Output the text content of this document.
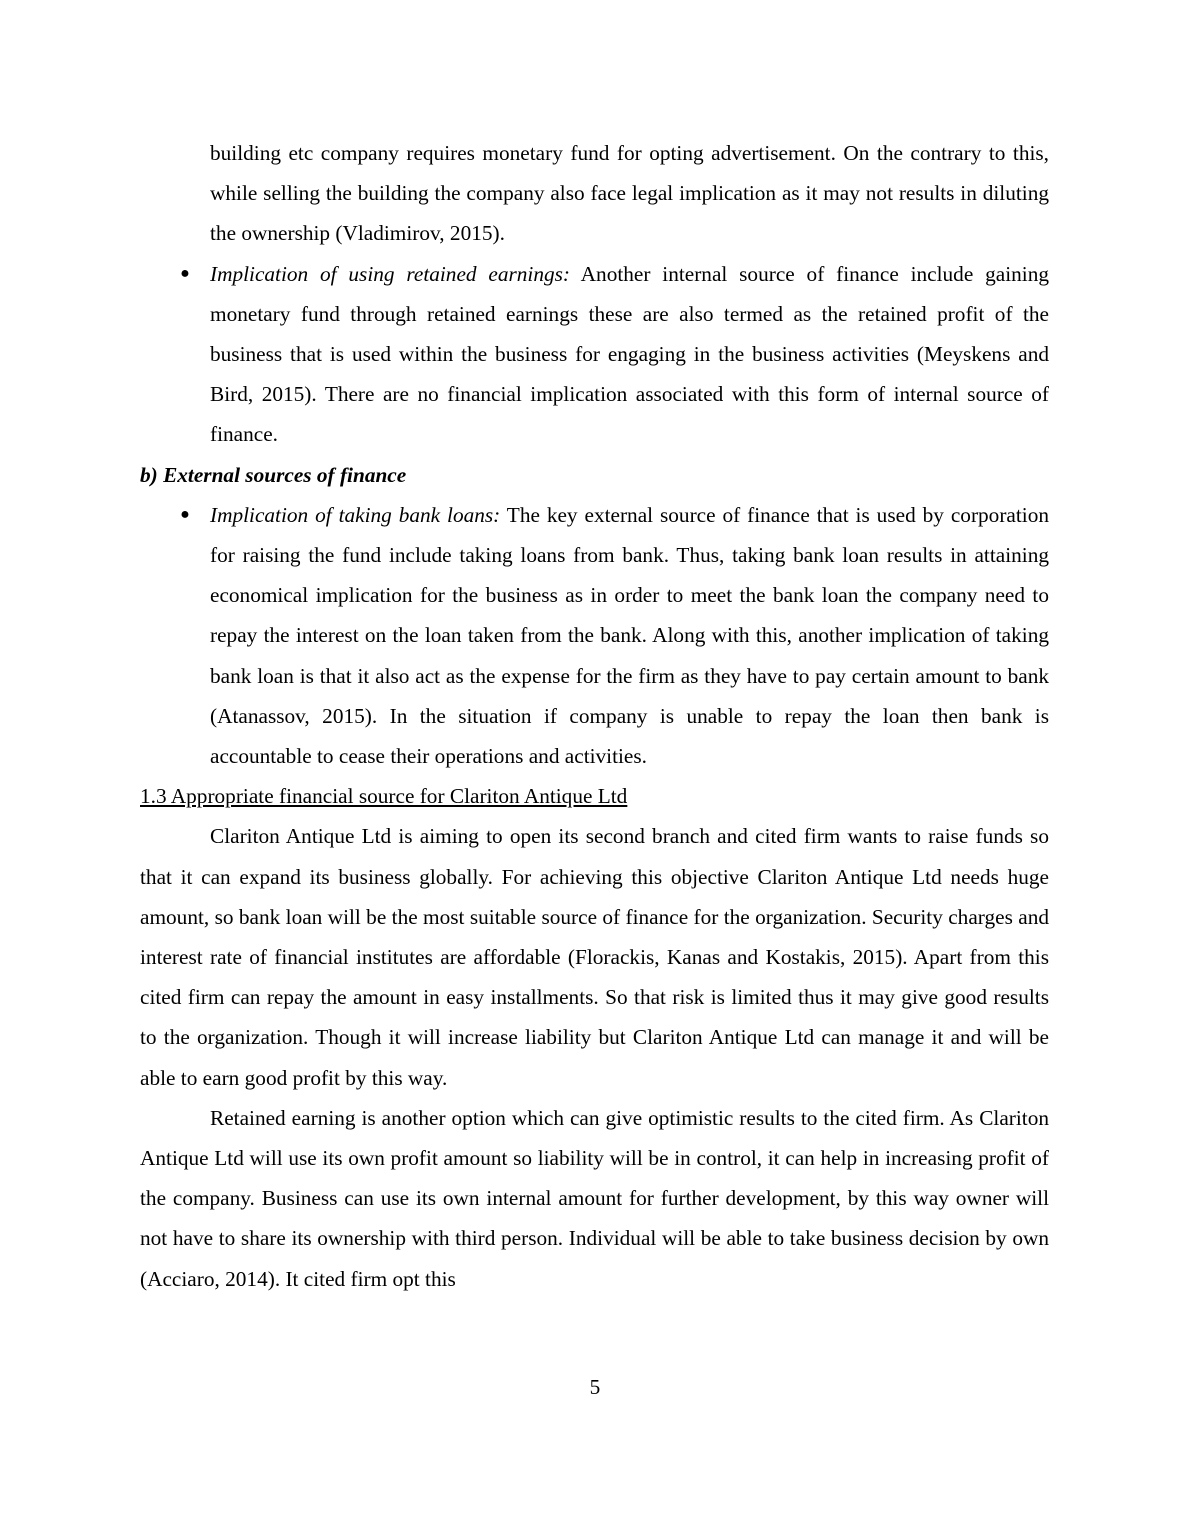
building etc company requires monetary fund for opting advertisement. On the contrary to this, while selling the building the company also face legal implication as it may not results in diluting the ownership (Vladimirov, 2015).

●
Implication of using retained earnings: Another internal source of finance include gaining monetary fund through retained earnings these are also termed as the retained profit of the business that is used within the business for engaging in the business activities (Meyskens and Bird, 2015). There are no financial implication associated with this form of internal source of finance.

b) External sources of finance

●
Implication of taking bank loans: The key external source of finance that is used by corporation for raising the fund include taking loans from bank. Thus, taking bank loan results in attaining economical implication for the business as in order to meet the bank loan the company need to repay the interest on the loan taken from the bank. Along with this, another implication of taking bank loan is that it also act as the expense for the firm as they have to pay certain amount to bank (Atanassov, 2015). In the situation if company is unable to repay the loan then bank is accountable to cease their operations and activities.

1.3 Appropriate financial source for Clariton Antique Ltd

Clariton Antique Ltd is aiming to open its second branch and cited firm wants to raise funds so that it can expand its business globally. For achieving this objective Clariton Antique Ltd needs huge amount, so bank loan will be the most suitable source of finance for the organization. Security charges and interest rate of financial institutes are affordable (Florackis, Kanas and Kostakis, 2015). Apart from this cited firm can repay the amount in easy installments. So that risk is limited thus it may give good results to the organization. Though it will increase liability but Clariton Antique Ltd can manage it and will be able to earn good profit by this way.

Retained earning is another option which can give optimistic results to the cited firm. As Clariton Antique Ltd will use its own profit amount so liability will be in control, it can help in increasing profit of the company. Business can use its own internal amount for further development, by this way owner will not have to share its ownership with third person. Individual will be able to take business decision by own (Acciaro, 2014). It cited firm opt this

5
